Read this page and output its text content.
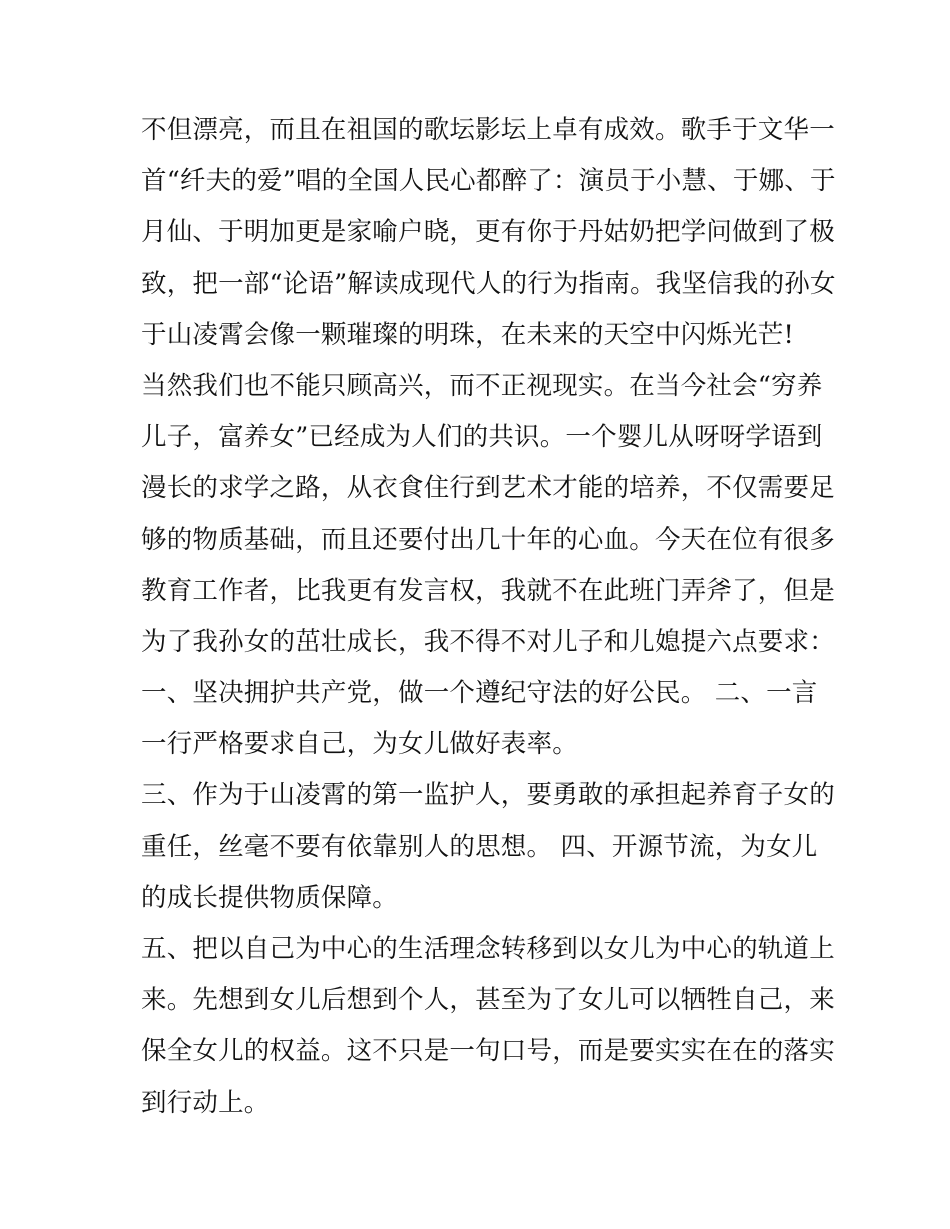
不但漂亮，而且在祖国的歌坛影坛上卓有成效。歌手于文华一
首“纤夫的爱”唱的全国人民心都醉了：演员于小慧、于娜、于
月仙、于明加更是家喻户晓，更有你于丹姑奶把学问做到了极
致，把一部“论语”解读成现代人的行为指南。我坚信我的孙女
于山凌霄会像一颗璀璨的明珠，在未来的天空中闪烁光芒!
当然我们也不能只顾高兴，而不正视现实。在当今社会“穷养
儿子，富养女”已经成为人们的共识。一个婴儿从呀呀学语到
漫长的求学之路，从衣食住行到艺术才能的培养，不仅需要足
够的物质基础，而且还要付出几十年的心血。今天在位有很多
教育工作者，比我更有发言权，我就不在此班门弄斧了，但是
为了我孙女的茁壮成长，我不得不对儿子和儿媳提六点要求：
一、坚决拥护共产党，做一个遵纪守法的好公民。 二、一言
一行严格要求自己，为女儿做好表率。
三、作为于山凌霄的第一监护人，要勇敢的承担起养育子女的
重任，丝毫不要有依靠别人的思想。 四、开源节流，为女儿
的成长提供物质保障。
五、把以自己为中心的生活理念转移到以女儿为中心的轨道上
来。先想到女儿后想到个人，甚至为了女儿可以牺牲自己，来
保全女儿的权益。这不只是一句口号，而是要实实在在的落实
到行动上。
